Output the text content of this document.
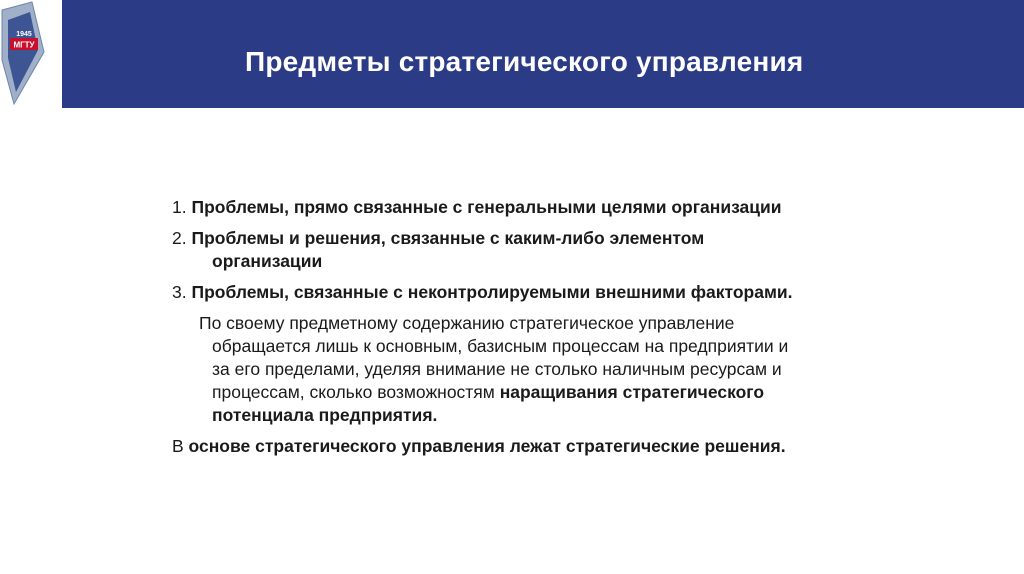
МГТУ
1945
Предметы стратегического управления
1. Проблемы, прямо связанные с генеральными целями организации
2. Проблемы и решения, связанные с каким-либо элементом
организации
3. Проблемы, связанные с неконтролируемыми внешними факторами.
По своему предметному содержанию стратегическое управление
обращается лишь к основным, базисным процессам на предприятии и
за его пределами, уделяя внимание не столько наличным ресурсам и
процессам, сколько возможностям наращивания стратегического
потенциала предприятия.
В основе стратегического управления лежат стратегические решения.
